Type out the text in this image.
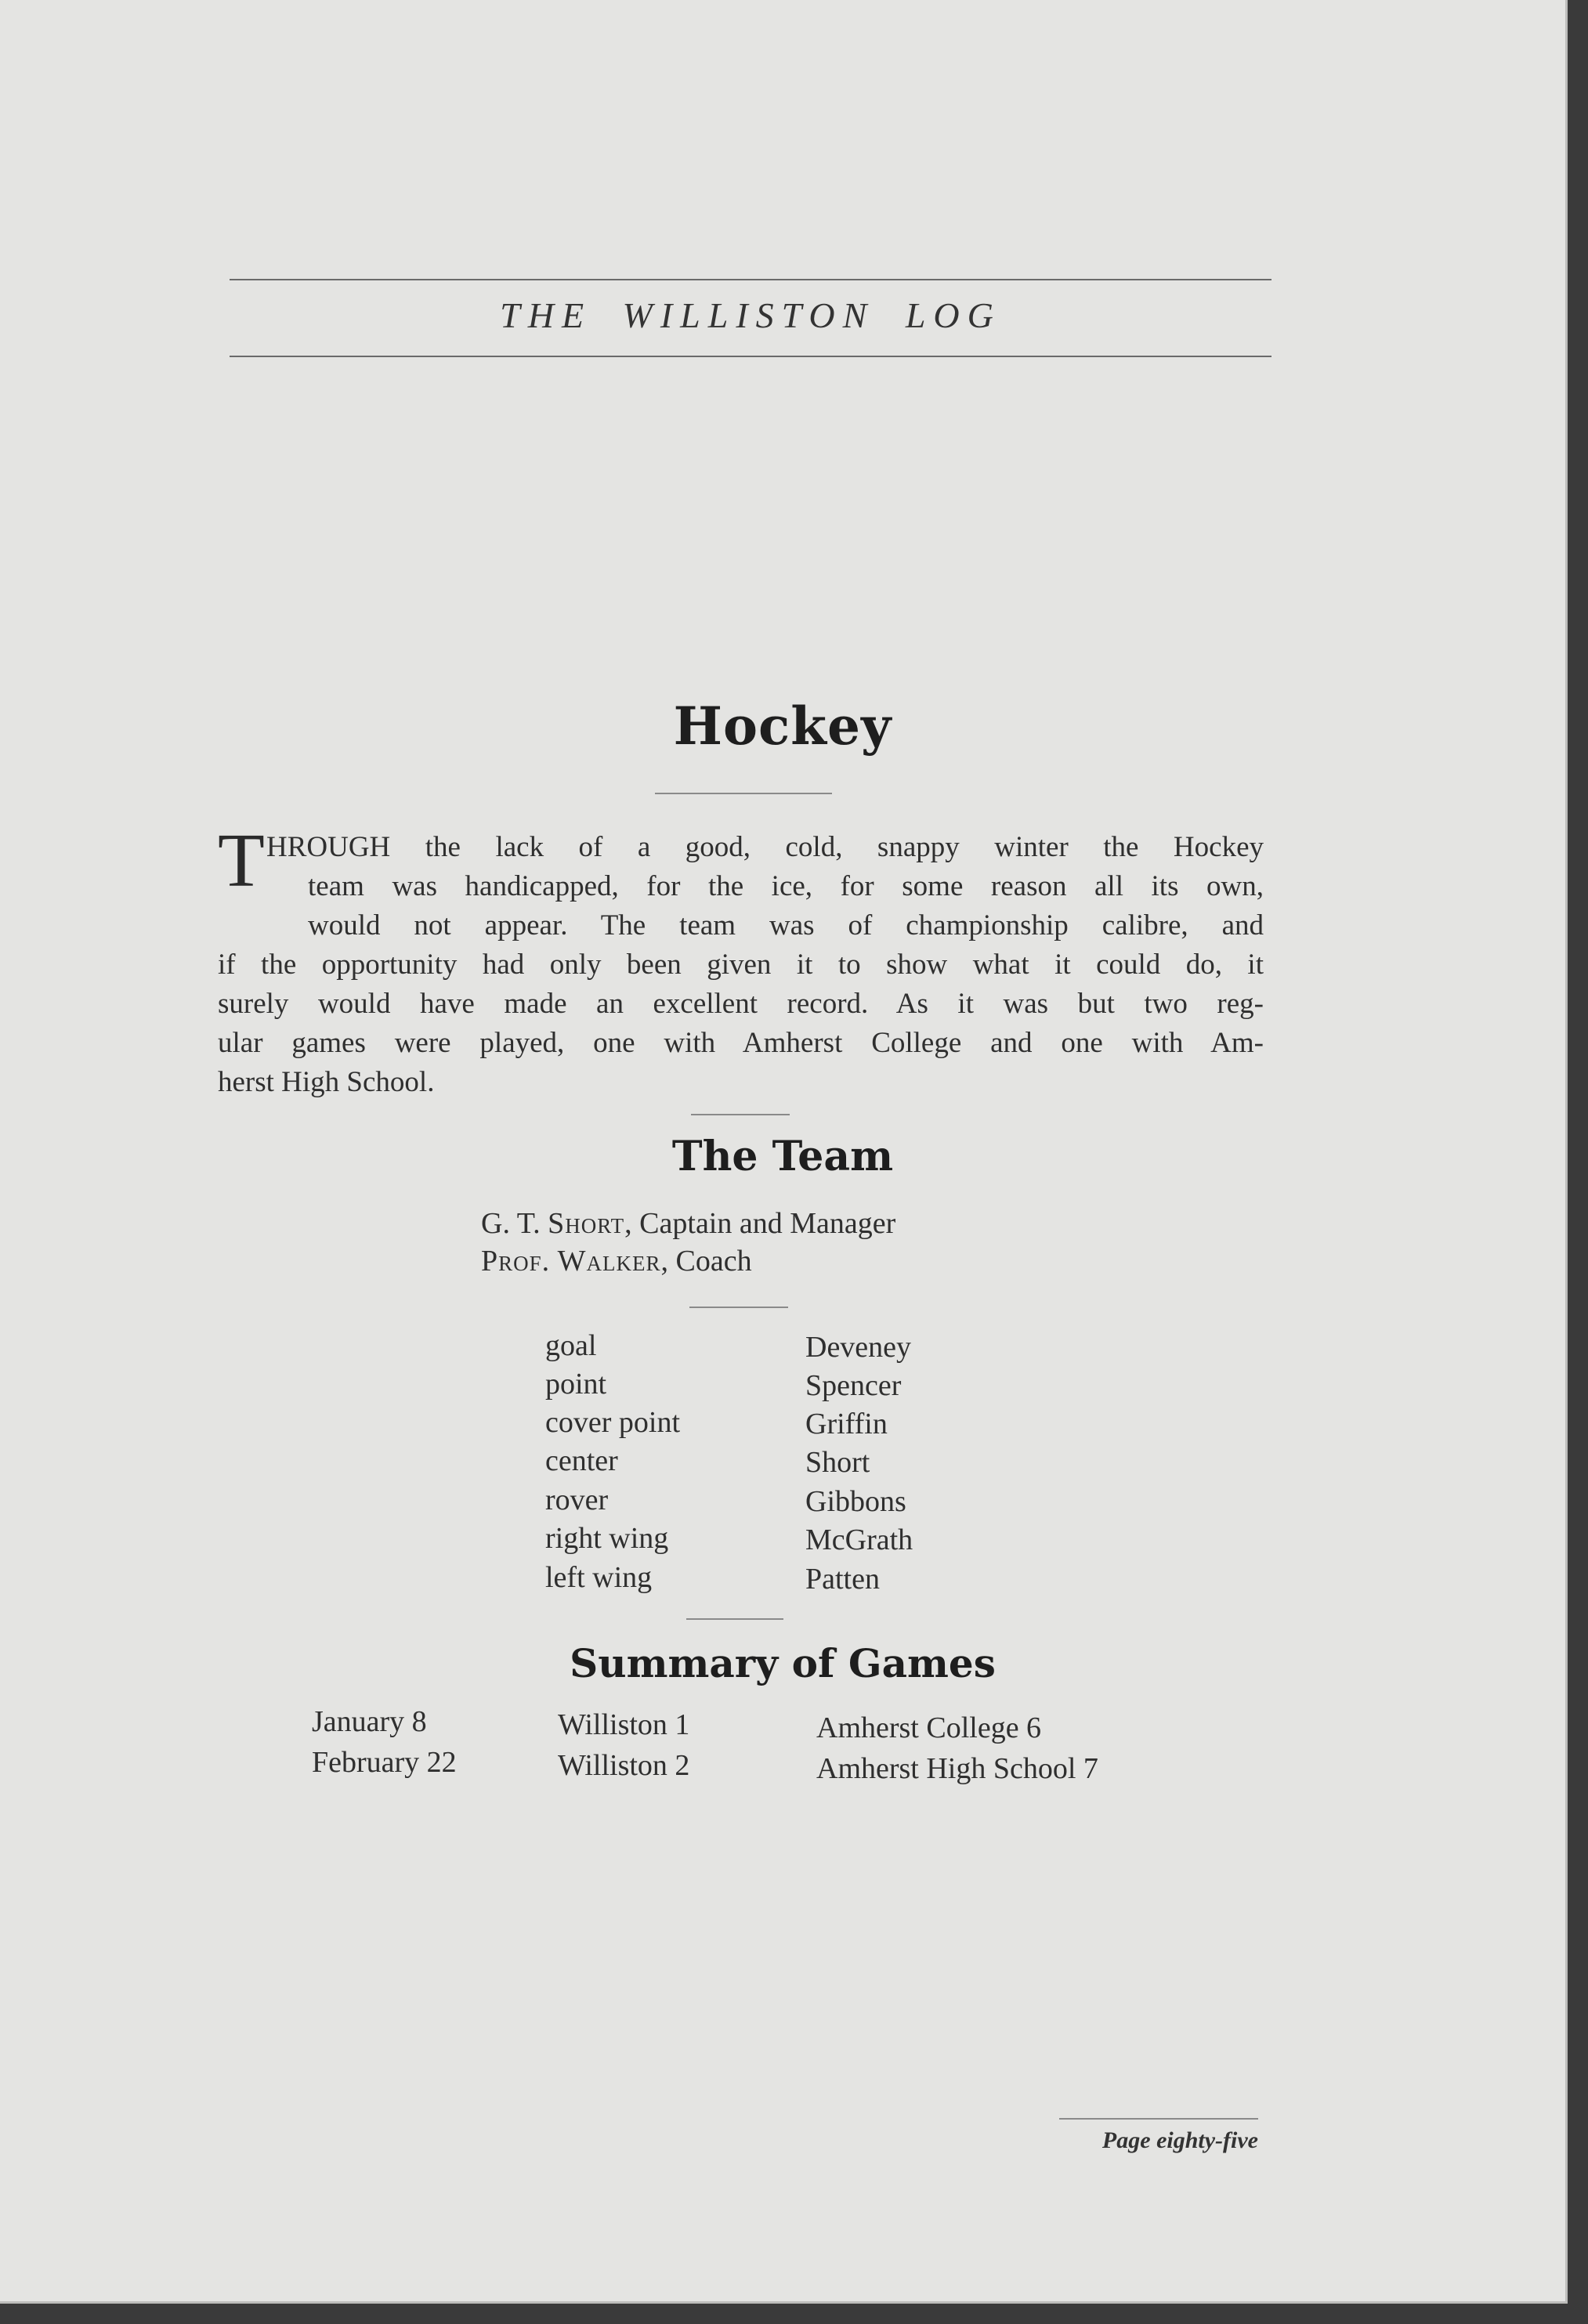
THE WILLISTON LOG
Hockey
T HROUGH the lack of a good, cold, snappy winter the Hockey
team was handicapped, for the ice, for some reason all its own,
would not appear. The team was of championship calibre, and
if the opportunity had only been given it to show what it could do, it
surely would have made an excellent record. As it was but two reg-
ular games were played, one with Amherst College and one with Am-
herst High School.
The Team
G. T. Short, Captain and Manager
Prof. Walker, Coach
goal	Deveney
point	Spencer
cover point	Griffin
center	Short
rover	Gibbons
right wing	McGrath
left wing	Patten
Summary of Games
January 8	Williston 1	Amherst College 6
February 22	Williston 2	Amherst High School 7
Page eighty-five
